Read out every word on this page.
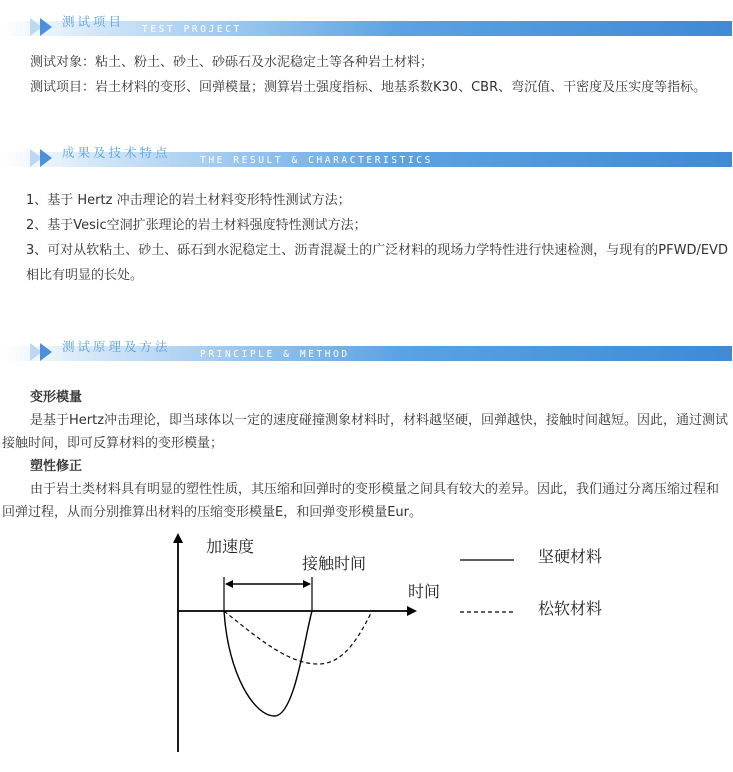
测试项目
TEST PROJECT

测试对象：粘土、粉土、砂土、砂砾石及水泥稳定土等各种岩土材料；

测试项目：岩土材料的变形、回弹模量；测算岩土强度指标、地基系数K30、CBR、弯沉值、干密度及压实度等指标。

成果及技术特点
THE RESULT & CHARACTERISTICS

1、基于 Hertz 冲击理论的岩土材料变形特性测试方法；

2、基于Vesic空洞扩张理论的岩土材料强度特性测试方法；

3、可对从软粘土、砂土、砾石到水泥稳定土、沥青混凝土的广泛材料的现场力学特性进行快速检测，与现有的PFWD/EVD相比有明显的长处。

测试原理及方法
PRINCIPLE & METHOD

变形模量

是基于Hertz冲击理论，即当球体以一定的速度碰撞测象材料时，材料越坚硬，回弹越快，接触时间越短。因此，通过测试接触时间，即可反算材料的变形模量；

塑性修正

由于岩土类材料具有明显的塑性性质，其压缩和回弹时的变形模量之间具有较大的差异。因此，我们通过分离压缩过程和回弹过程，从而分别推算出材料的压缩变形模量E，和回弹变形模量Eur。

加速度
接触时间
时间
坚硬材料
松软材料
